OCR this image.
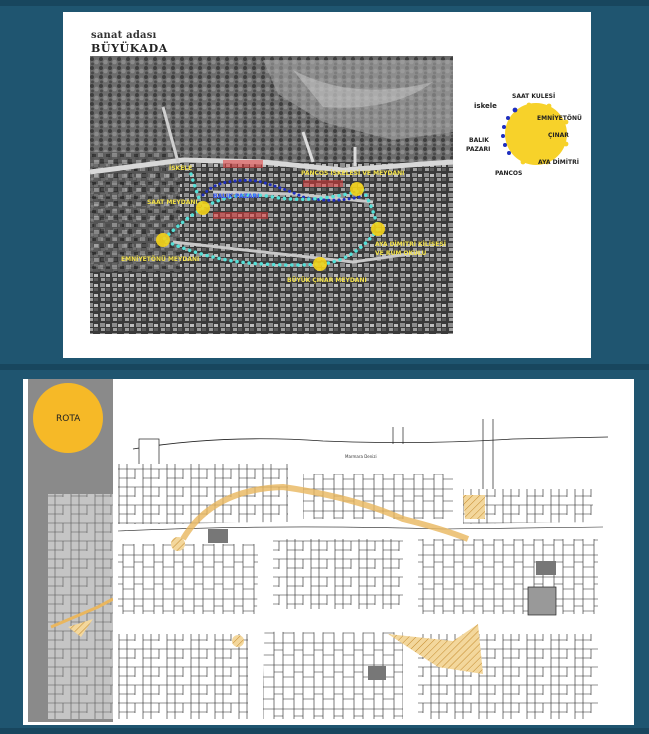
sanat adası
BÜYÜKADA
İSKELE
SAAT MEYDANI
EMNİYETÖNÜ MEYDANI
BÜYÜK ÇINAR MEYDANI
AYA DİMİTRİ KİLİSESİ
VE RUM OKULU
PANCOS İSKELESİ VE MEYDANI
BALIK PAZARI
iskele
SAAT KULESİ
EMNİYETÖNÜ
ÇINAR
AYA DİMİTRİ
PANCOS
BALIK
PAZARI
Marmara Denizi
ROTA
